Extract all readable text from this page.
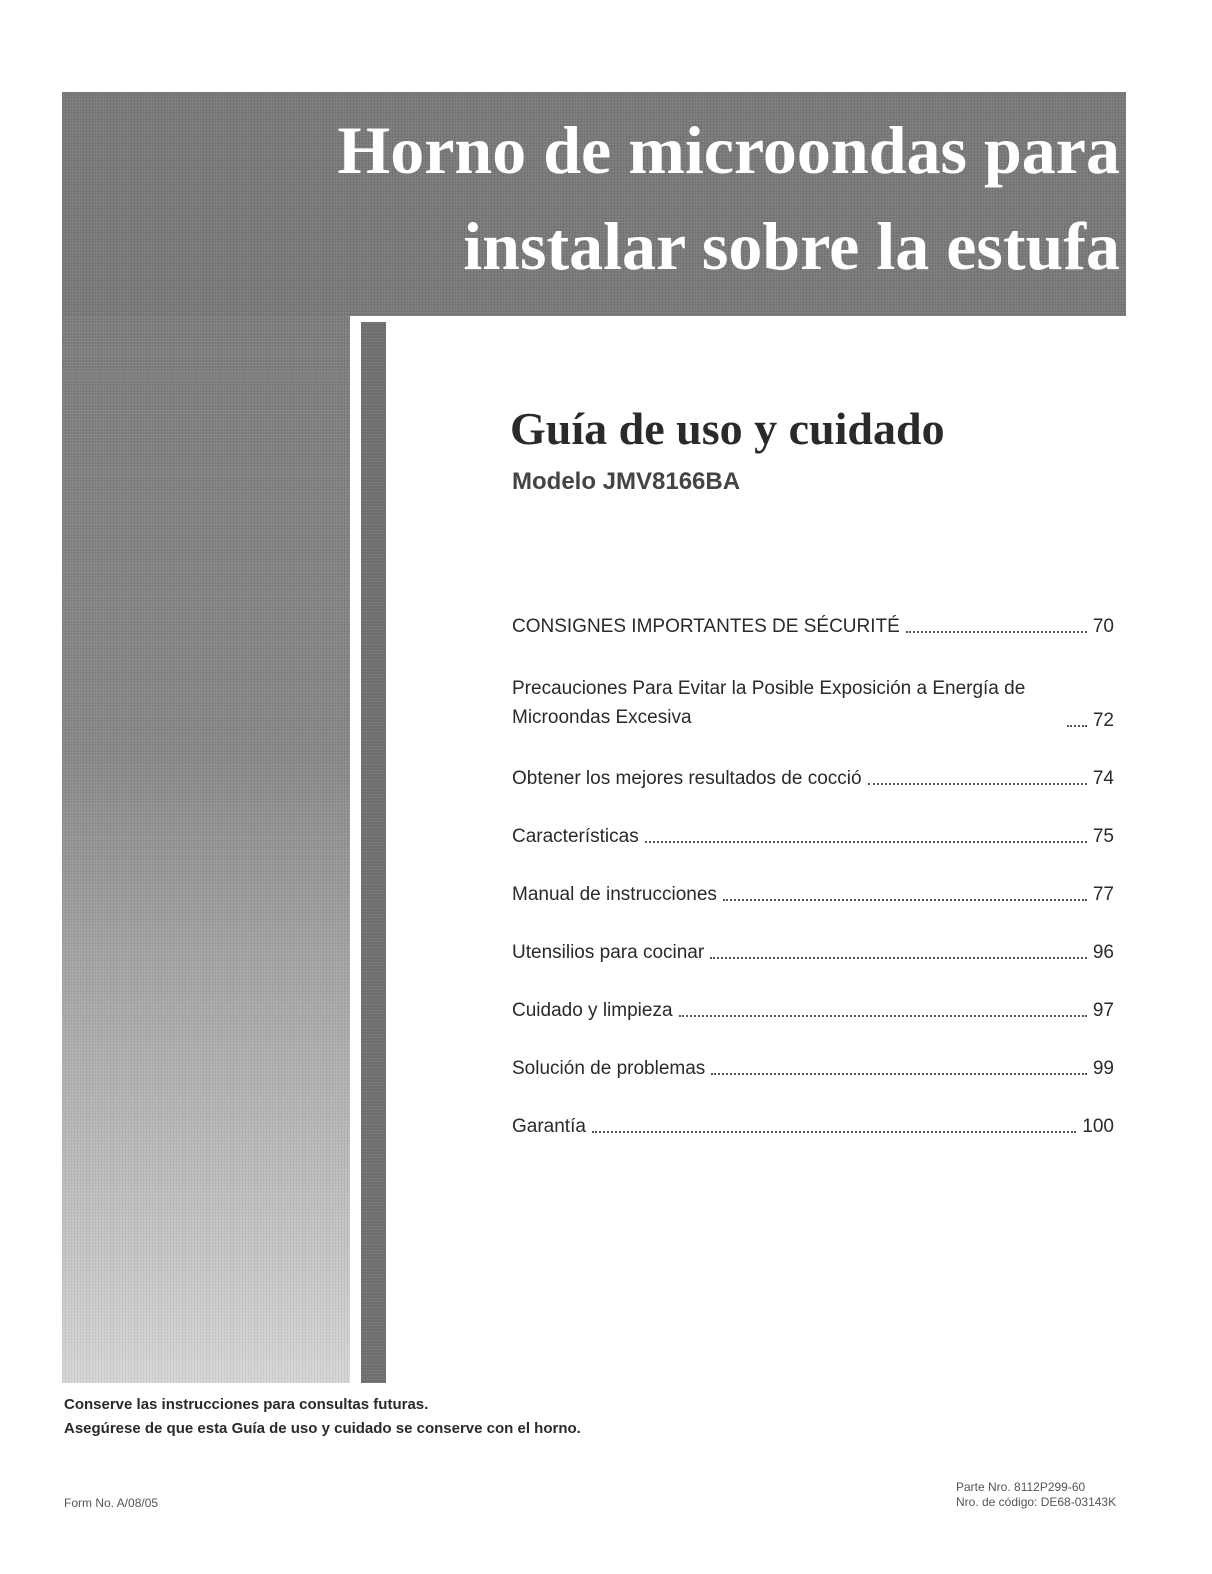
Horno de microondas para
instalar sobre la estufa
Guía de uso y cuidado
Modelo JMV8166BA
CONSIGNES IMPORTANTES DE SÉCURITÉ	70
Precauciones Para Evitar la Posible Exposición a Energía de Microondas Excesiva	72
Obtener los mejores resultados de cocció	74
Características	75
Manual de instrucciones	77
Utensilios para cocinar	96
Cuidado y limpieza	97
Solución de problemas	99
Garantía	100
Conserve las instrucciones para consultas futuras.
Asegúrese de que esta Guía de uso y cuidado se conserve con el horno.
Form No. A/08/05
Parte Nro. 8112P299-60
Nro. de código: DE68-03143K
